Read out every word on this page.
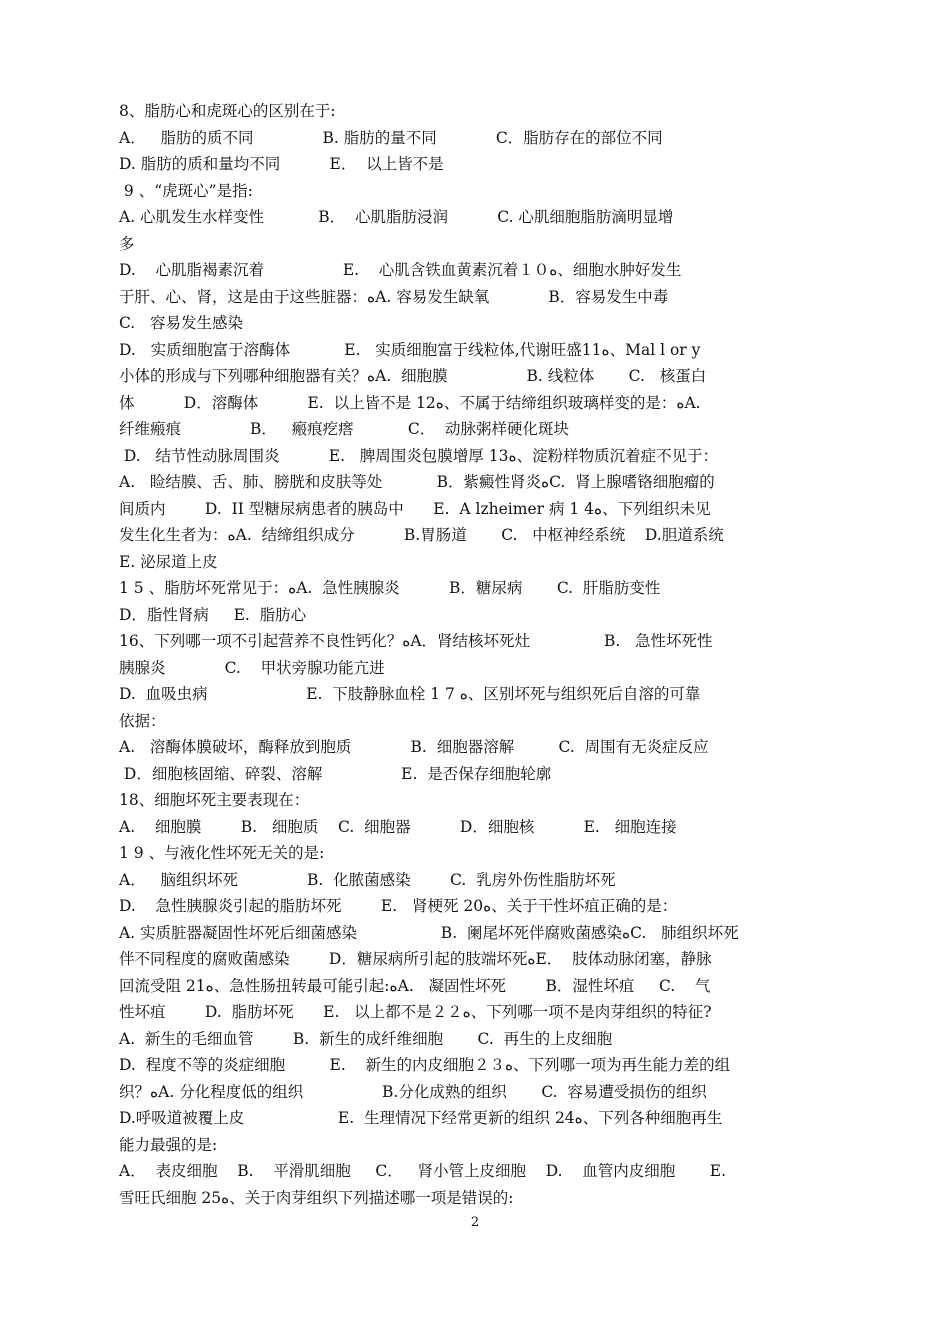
8、脂肪心和虎斑心的区别在于:
A．   脂肪的质不同              B. 脂肪的量不同            C．脂肪存在的部位不同
D. 脂肪的质和量均不同          E．  以上皆不是
9 、“虎斑心”是指:
A. 心肌发生水样变性           B．  心肌脂肪浸润          C. 心肌细胞脂肪滴明显增
多
D.    心肌脂褐素沉着                E.    心肌含铁血黄素沉着１０ﻩ、细胞水肿好发生
于肝、心、肾，这是由于这些脏器：ﻩA. 容易发生缺氧            B．容易发生中毒
C.   容易发生感染
D.   实质细胞富于溶酶体           E.   实质细胞富于线粒体,代谢旺盛11ﻩ、Mal l or y
小体的形成与下列哪种细胞器有关？ﻩA.  细胞膜                B. 线粒体       C.   核蛋白
体          D．溶酶体          E.  以上皆不是 12ﻩ、不属于结缔组织玻璃样变的是：ﻩA.
纤维瘢痕              B．   瘢痕疙瘩           C．  动脉粥样硬化斑块
D.   结节性动脉周围炎          E.   脾周围炎包膜增厚 13ﻩ、淀粉样物质沉着症不见于：
A.   睑结膜、舌、肺、膀胱和皮肤等处           B．紫癜性肾炎ﻩC.  肾上腺嗜铬细胞瘤的
间质内        D.  II 型糖尿病患者的胰岛中      E.  A lzheimer 病 1 4ﻩ、下列组织未见
发生化生者为：ﻩA.  结缔组织成分          B.胃肠道       C.   中枢神经系统    D.胆道系统
E. 泌尿道上皮
1 5 、脂肪坏死常见于：ﻩA.  急性胰腺炎          B．糖尿病       C.  肝脂肪变性
D．脂性肾病     E.  脂肪心
16、下列哪一项不引起营养不良性钙化？ﻩA．肾结核坏死灶               B.   急性坏死性
胰腺炎            C.    甲状旁腺功能亢进
D.  血吸虫病                    E.  下肢静脉血栓 1 7 ﻩ、区别坏死与组织死后自溶的可靠
依据：
A.   溶酶体膜破坏，酶释放到胞质            B.  细胞器溶解         C.  周围有无炎症反应
D．细胞核固缩、碎裂、溶解                E.  是否保存细胞轮廓
18、细胞坏死主要表现在：
A.    细胞膜        B.   细胞质    C.  细胞器          D．细胞核          E.   细胞连接
1 9 、与液化性坏死无关的是:
A．   脑组织坏死              B.  化脓菌感染        C.  乳房外伤性脂肪坏死
D.    急性胰腺炎引起的脂肪坏死        E.   肾梗死 20ﻩ、关于干性坏疽正确的是：
A. 实质脏器凝固性坏死后细菌感染                 B.  阑尾坏死伴腐败菌感染ﻩC.   肺组织坏死
伴不同程度的腐败菌感染        D．糖尿病所引起的肢端坏死ﻩE．  肢体动脉闭塞，静脉
回流受阻 21ﻩ、急性肠扭转最可能引起:ﻩA.   凝固性坏死        B．湿性坏疽     C.    气
性坏疽        D.  脂肪坏死      E.   以上都不是２２ﻩ、下列哪一项不是肉芽组织的特征?
A.  新生的毛细血管        B.  新生的成纤维细胞       C.  再生的上皮细胞
D.  程度不等的炎症细胞         E.    新生的内皮细胞２３ﻩ、下列哪一项为再生能力差的组
织？ﻩA. 分化程度低的组织                B.分化成熟的组织       C.  容易遭受损伤的组织
D.呼吸道被覆上皮                   E.  生理情况下经常更新的组织 24ﻩ、下列各种细胞再生
能力最强的是:
A．  表皮细胞    B.    平滑肌细胞     C．   肾小管上皮细胞    D.    血管内皮细胞       E.
雪旺氏细胞 25ﻩ、关于肉芽组织下列描述哪一项是错误的:
2
